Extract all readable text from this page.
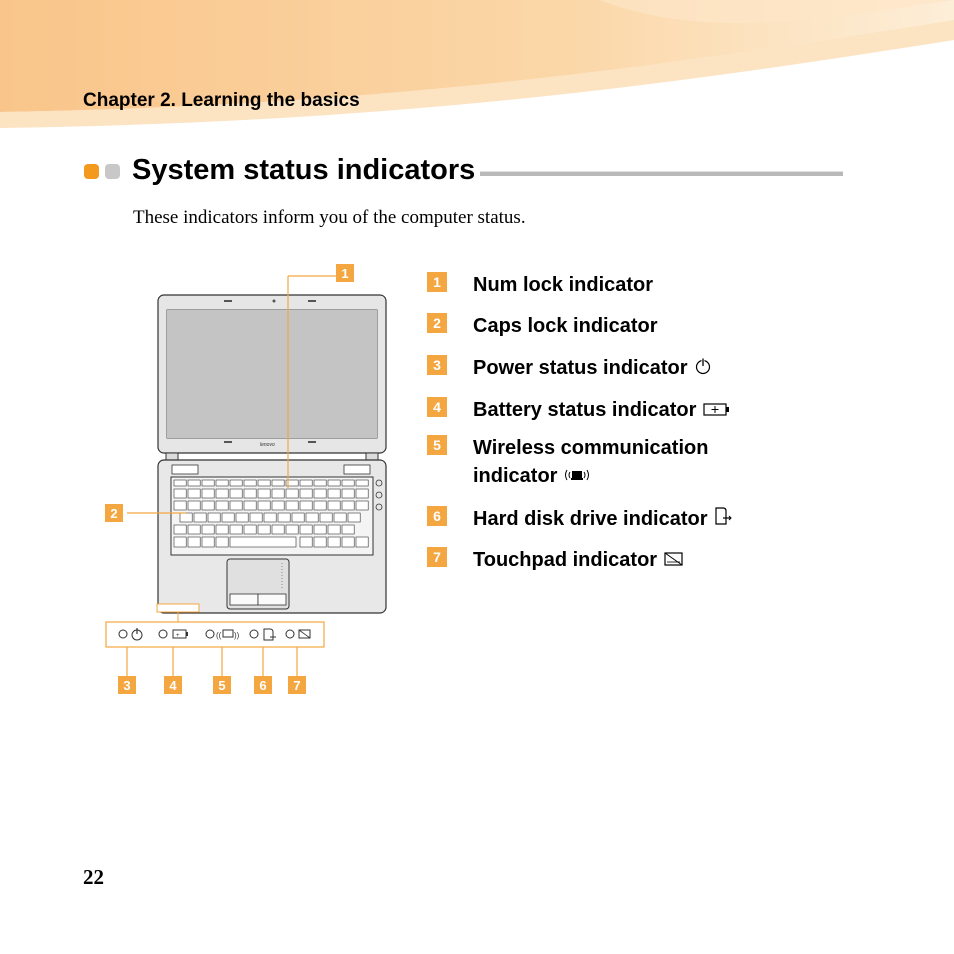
Chapter 2. Learning the basics
System status indicators
These indicators inform you of the computer status.
lenovo
+	(( ))
1
2
3	4	5	6 7
1	Num lock indicator
2	Caps lock indicator
3	Power status indicator
4	Battery status indicator
5	Wireless communication indicator
6	Hard disk drive indicator
7	Touchpad indicator
22
